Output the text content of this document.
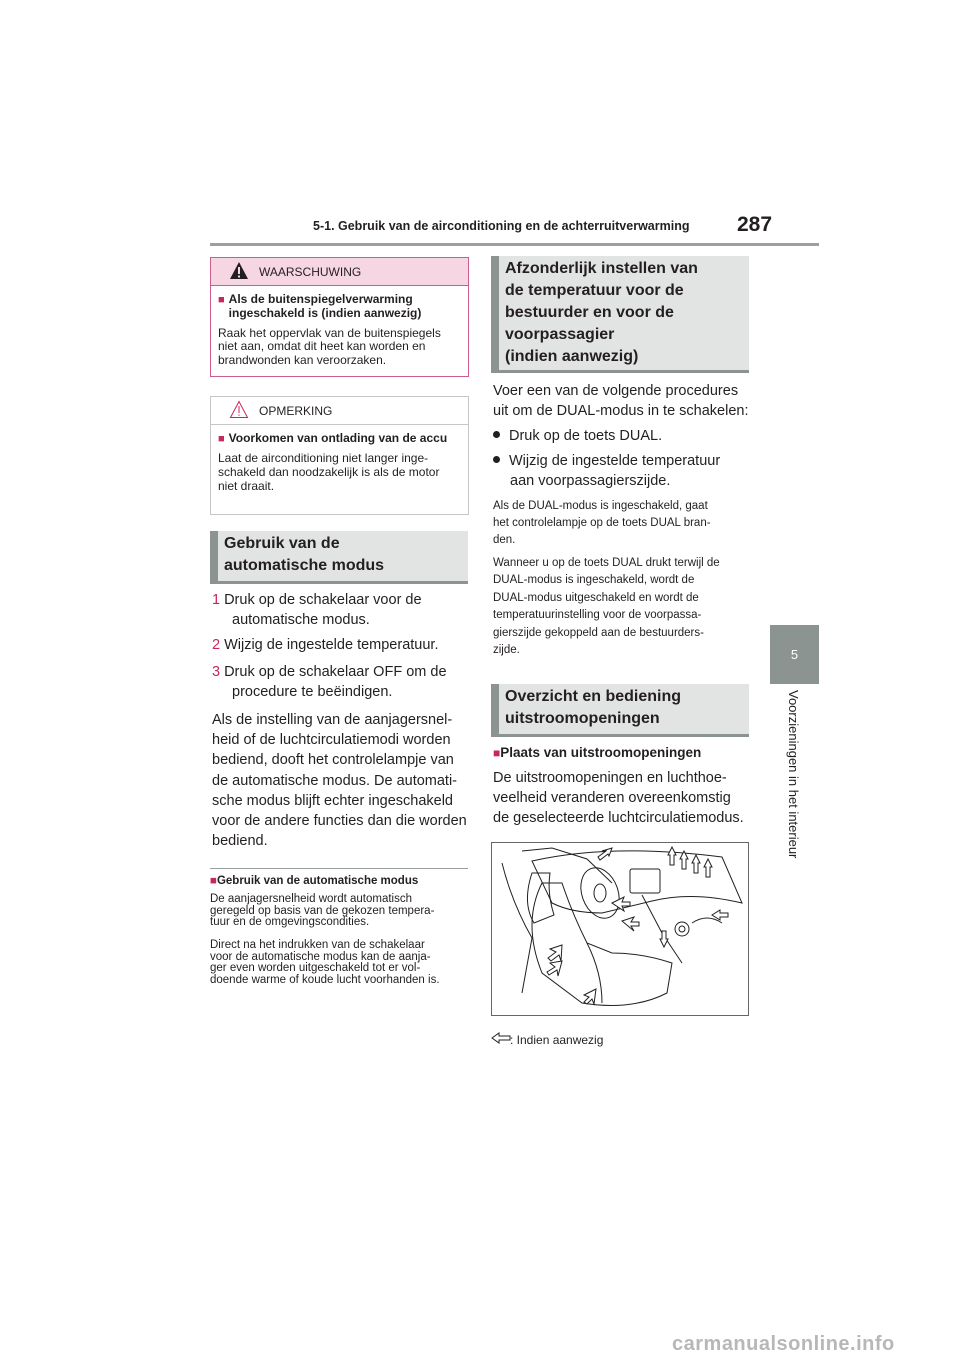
5-1. Gebruik van de airconditioning en de achterruitverwarming 287
5
Voorzieningen in het interieur
WAARSCHUWING
■ Als de buitenspiegelverwarming ingeschakeld is (indien aanwezig)
Raak het oppervlak van de buitenspiegels niet aan, omdat dit heet kan worden en brandwonden kan veroorzaken.
OPMERKING
■ Voorkomen van ontlading van de accu
Laat de airconditioning niet langer inge-schakeld dan noodzakelijk is als de motor niet draait.
Gebruik van de
automatische modus
1 Druk op de schakelaar voor de
automatische modus.
2 Wijzig de ingestelde temperatuur.
3 Druk op de schakelaar OFF om de
procedure te beëindigen.
Als de instelling van de aanjagersnel-
heid of de luchtcirculatiemodi worden
bediend, dooft het controlelampje van
de automatische modus. De automati-
sche modus blijft echter ingeschakeld
voor de andere functies dan die worden
bediend.
■Gebruik van de automatische modus
De aanjagersnelheid wordt automatisch
geregeld op basis van de gekozen tempera-
tuur en de omgevingscondities.
Direct na het indrukken van de schakelaar
voor de automatische modus kan de aanja-
ger even worden uitgeschakeld tot er vol-
doende warme of koude lucht voorhanden is.
Afzonderlijk instellen van
de temperatuur voor de
bestuurder en voor de
voorpassagier
(indien aanwezig)
Voer een van de volgende procedures
uit om de DUAL-modus in te schakelen:
Druk op de toets DUAL.
Wijzig de ingestelde temperatuur
aan voorpassagierszijde.
Als de DUAL-modus is ingeschakeld, gaat
het controlelampje op de toets DUAL bran-
den.
Wanneer u op de toets DUAL drukt terwijl de
DUAL-modus is ingeschakeld, wordt de
DUAL-modus uitgeschakeld en wordt de
temperatuurinstelling voor de voorpassa-
gierszijde gekoppeld aan de bestuurders-
zijde.
Overzicht en bediening
uitstroomopeningen
■Plaats van uitstroomopeningen
De uitstroomopeningen en luchthoe-
veelheid veranderen overeenkomstig
de geselecteerde luchtcirculatiemodus.
: Indien aanwezig
carmanualsonline.info
